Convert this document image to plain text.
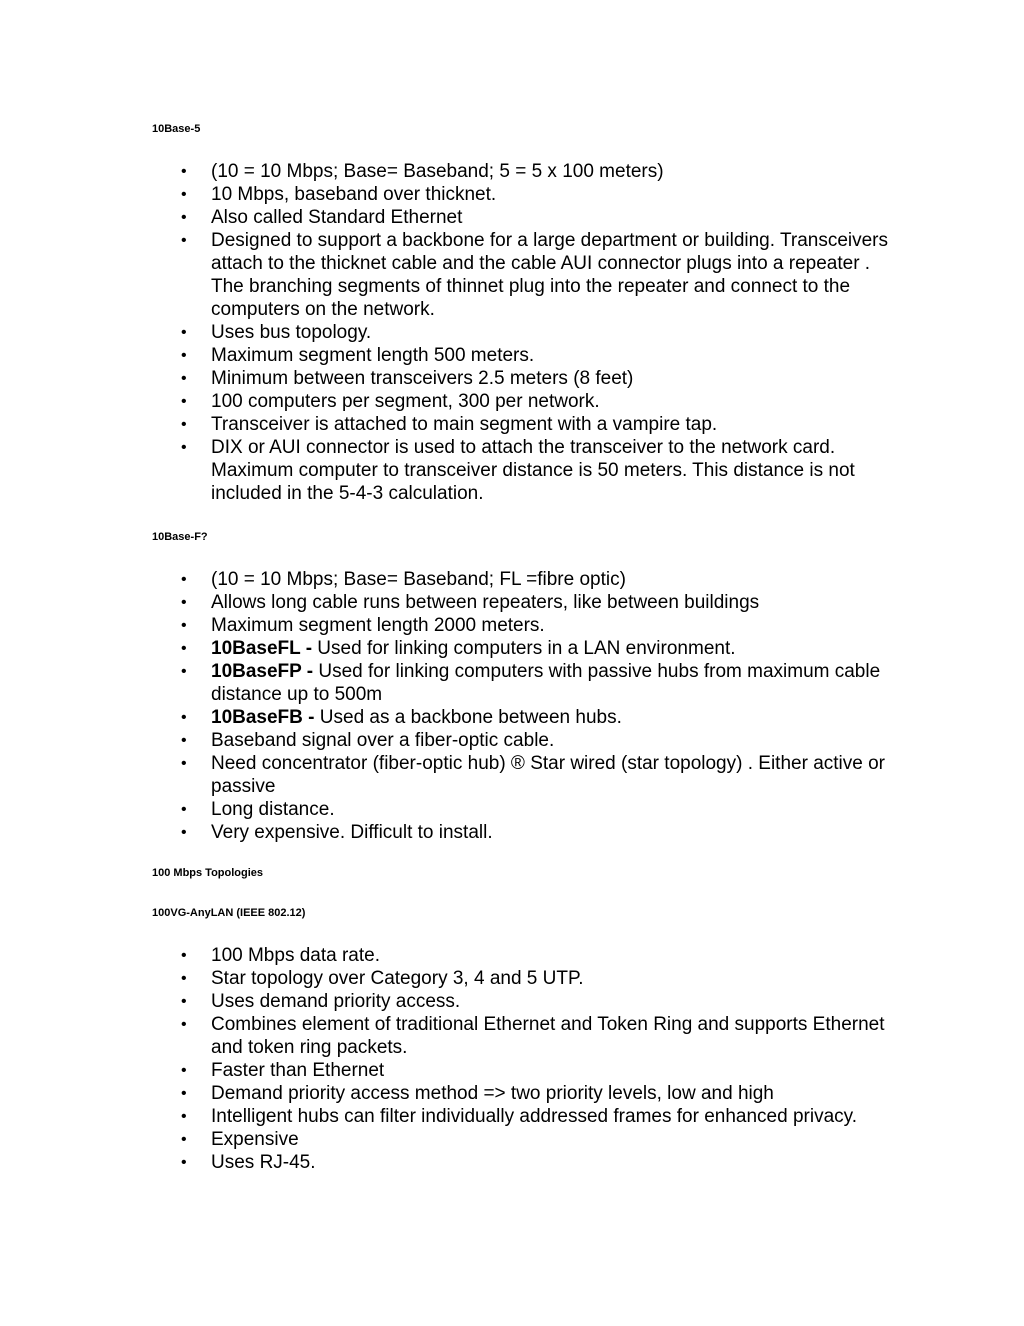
10Base-5

• (10 = 10 Mbps; Base= Baseband; 5 = 5 x 100 meters)
• 10 Mbps, baseband over thicknet.
• Also called Standard Ethernet
• Designed to support a backbone for a large department or building. Transceivers attach to the thicknet cable and the cable AUI connector plugs into a repeater . The branching segments of thinnet plug into the repeater and connect to the computers on the network.
• Uses bus topology.
• Maximum segment length 500 meters.
• Minimum between transceivers 2.5 meters (8 feet)
• 100 computers per segment, 300 per network.
• Transceiver is attached to main segment with a vampire tap.
• DIX or AUI connector is used to attach the transceiver to the network card. Maximum computer to transceiver distance is 50 meters. This distance is not included in the 5-4-3 calculation.

10Base-F?

• (10 = 10 Mbps; Base= Baseband; FL =fibre optic)
• Allows long cable runs between repeaters, like between buildings
• Maximum segment length 2000 meters.
• 10BaseFL - Used for linking computers in a LAN environment.
• 10BaseFP - Used for linking computers with passive hubs from maximum cable distance up to 500m
• 10BaseFB - Used as a backbone between hubs.
• Baseband signal over a fiber-optic cable.
• Need concentrator (fiber-optic hub) ® Star wired (star topology) . Either active or passive
• Long distance.
• Very expensive. Difficult to install.

100 Mbps Topologies

100VG-AnyLAN (IEEE 802.12)

• 100 Mbps data rate.
• Star topology over Category 3, 4 and 5 UTP.
• Uses demand priority access.
• Combines element of traditional Ethernet and Token Ring and supports Ethernet and token ring packets.
• Faster than Ethernet
• Demand priority access method => two priority levels, low and high
• Intelligent hubs can filter individually addressed frames for enhanced privacy.
• Expensive
• Uses RJ-45.
